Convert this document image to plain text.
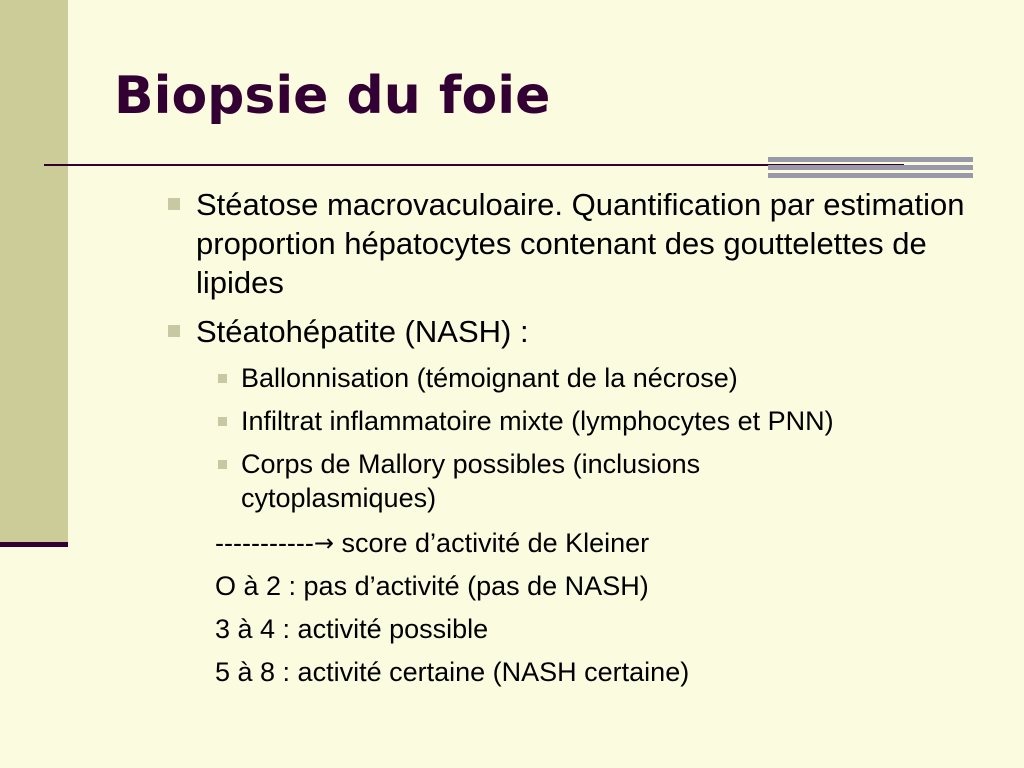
Biopsie du foie
Stéatose macrovaculoaire. Quantification par estimation proportion hépatocytes contenant des gouttelettes de lipides
Stéatohépatite (NASH) :
Ballonnisation (témoignant de la nécrose)
Infiltrat inflammatoire mixte (lymphocytes et PNN)
Corps de Mallory possibles (inclusions cytoplasmiques)

-----------→ score d’activité de Kleiner

O à 2 : pas d’activité (pas de NASH)

3 à 4 : activité possible

5 à 8 : activité certaine (NASH certaine)
